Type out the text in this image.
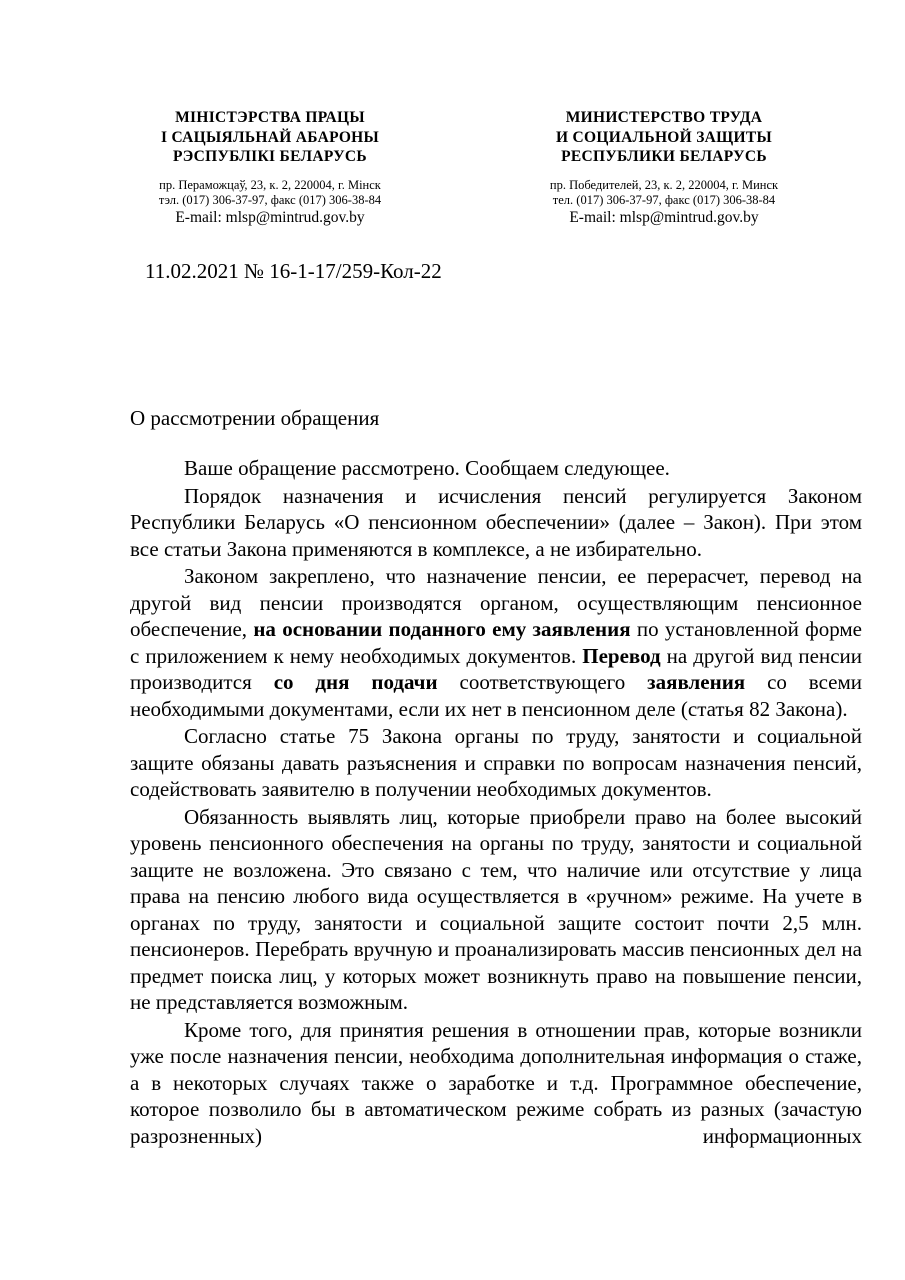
МІНІСТЭРСТВА ПРАЦЫ
І САЦЫЯЛЬНАЙ АБАРОНЫ
РЭСПУБЛІКІ БЕЛАРУСЬ
пр. Пераможцаў, 23, к. 2, 220004, г. Мінск
тэл. (017) 306-37-97, факс (017) 306-38-84
E-mail: mlsp@mintrud.gov.by
МИНИСТЕРСТВО ТРУДА
И СОЦИАЛЬНОЙ ЗАЩИТЫ
РЕСПУБЛИКИ БЕЛАРУСЬ
пр. Победителей, 23, к. 2, 220004, г. Минск
тел. (017) 306-37-97, факс (017) 306-38-84
E-mail: mlsp@mintrud.gov.by
11.02.2021 № 16-1-17/259-Кол-22
О рассмотрении обращения

Ваше обращение рассмотрено. Сообщаем следующее.

Порядок назначения и исчисления пенсий регулируется Законом Республики Беларусь «О пенсионном обеспечении» (далее – Закон). При этом все статьи Закона применяются в комплексе, а не избирательно.

Законом закреплено, что назначение пенсии, ее перерасчет, перевод на другой вид пенсии производятся органом, осуществляющим пенсионное обеспечение, на основании поданного ему заявления по установленной форме с приложением к нему необходимых документов. Перевод на другой вид пенсии производится со дня подачи соответствующего заявления со всеми необходимыми документами, если их нет в пенсионном деле (статья 82 Закона).

Согласно статье 75 Закона органы по труду, занятости и социальной защите обязаны давать разъяснения и справки по вопросам назначения пенсий, содействовать заявителю в получении необходимых документов.

Обязанность выявлять лиц, которые приобрели право на более высокий уровень пенсионного обеспечения на органы по труду, занятости и социальной защите не возложена. Это связано с тем, что наличие или отсутствие у лица права на пенсию любого вида осуществляется в «ручном» режиме. На учете в органах по труду, занятости и социальной защите состоит почти 2,5 млн. пенсионеров. Перебрать вручную и проанализировать массив пенсионных дел на предмет поиска лиц, у которых может возникнуть право на повышение пенсии, не представляется возможным.

Кроме того, для принятия решения в отношении прав, которые возникли уже после назначения пенсии, необходима дополнительная информация о стаже, а в некоторых случаях также о заработке и т.д. Программное обеспечение, которое позволило бы в автоматическом режиме собрать из разных (зачастую разрозненных) информационных
